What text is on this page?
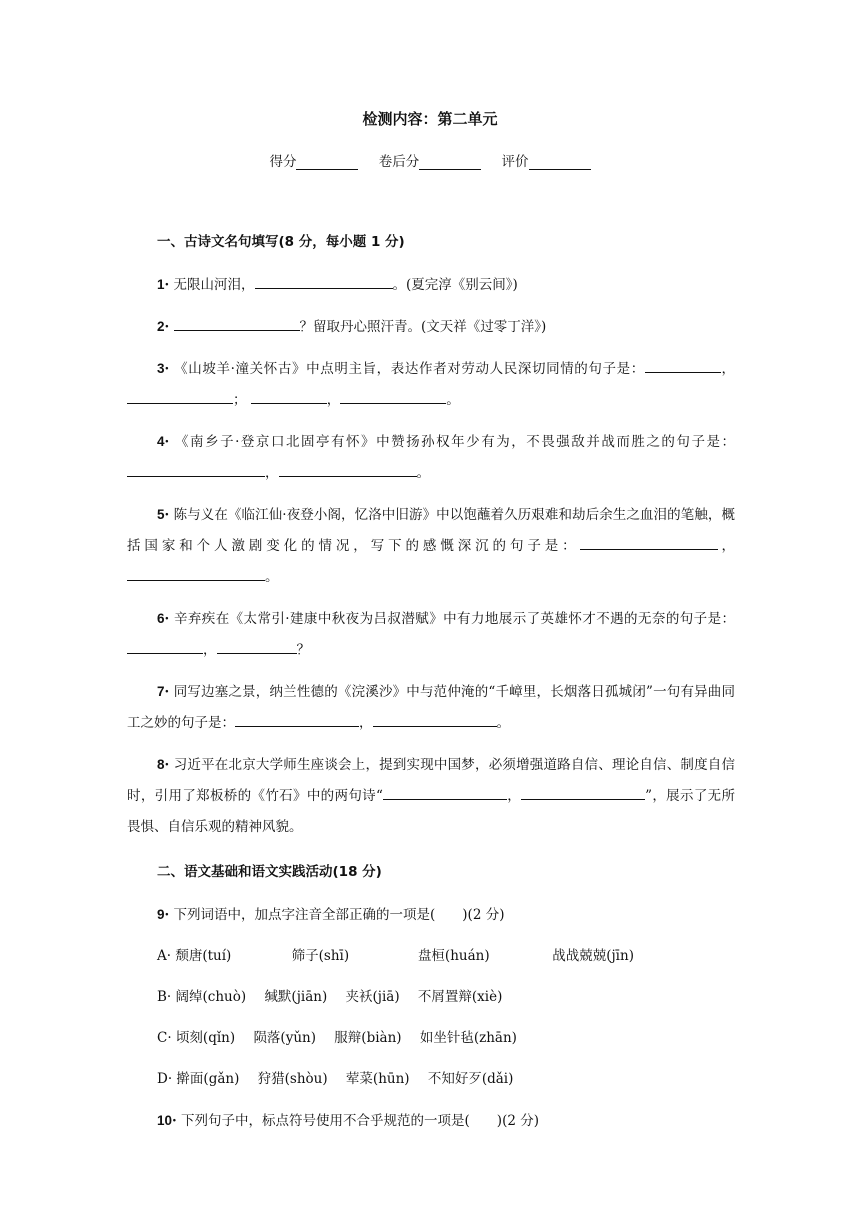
检测内容：第二单元
得分	卷后分	评价
一、古诗文名句填写(8 分，每小题 1 分)
1· 无限山河泪，	。(夏完淳《别云间》)
2·	？留取丹心照汗青。(文天祥《过零丁洋》)
3· 《山坡羊·潼关怀古》中点明主旨，表达作者对劳动人民深切同情的句子是：	，；	，	。
4· 《南乡子·登京口北固亭有怀》中赞扬孙权年少有为，不畏强敌并战而胜之的句子是：，	。
5· 陈与义在《临江仙·夜登小阁，忆洛中旧游》中以饱蘸着久历艰难和劫后余生之血泪的笔触，概括国家和个人激剧变化的情况，写下的感慨深沉的句子是：	，。
6· 辛弃疾在《太常引·建康中秋夜为吕叔潜赋》中有力地展示了英雄怀才不遇的无奈的句子是：，	？
7· 同写边塞之景，纳兰性德的《浣溪沙》中与范仲淹的“千嶂里，长烟落日孤城闭”一句有异曲同工之妙的句子是：	，	。
8· 习近平在北京大学师生座谈会上，提到实现中国梦，必须增强道路自信、理论自信、制度自信时，引用了郑板桥的《竹石》中的两句诗“	，	”，展示了无所畏惧、自信乐观的精神风貌。
二、语文基础和语文实践活动(18 分)
9· 下列词语中，加点字注音全部正确的一项是(　　)(2 分)
A· 颓唐(tuí)	筛子(shī)	盘桓(huán)	战战兢兢(jīn)
B· 阔绰(chuò) 缄默(jiān) 夹袄(jiā) 不屑置辩(xiè)
C· 顷刻(qǐn) 陨落(yǔn) 服辩(biàn) 如坐针毡(zhān)
D· 擀面(gǎn) 狩猎(shòu) 荤菜(hūn) 不知好歹(dǎi)
10· 下列句子中，标点符号使用不合乎规范的一项是(　　)(2 分)
